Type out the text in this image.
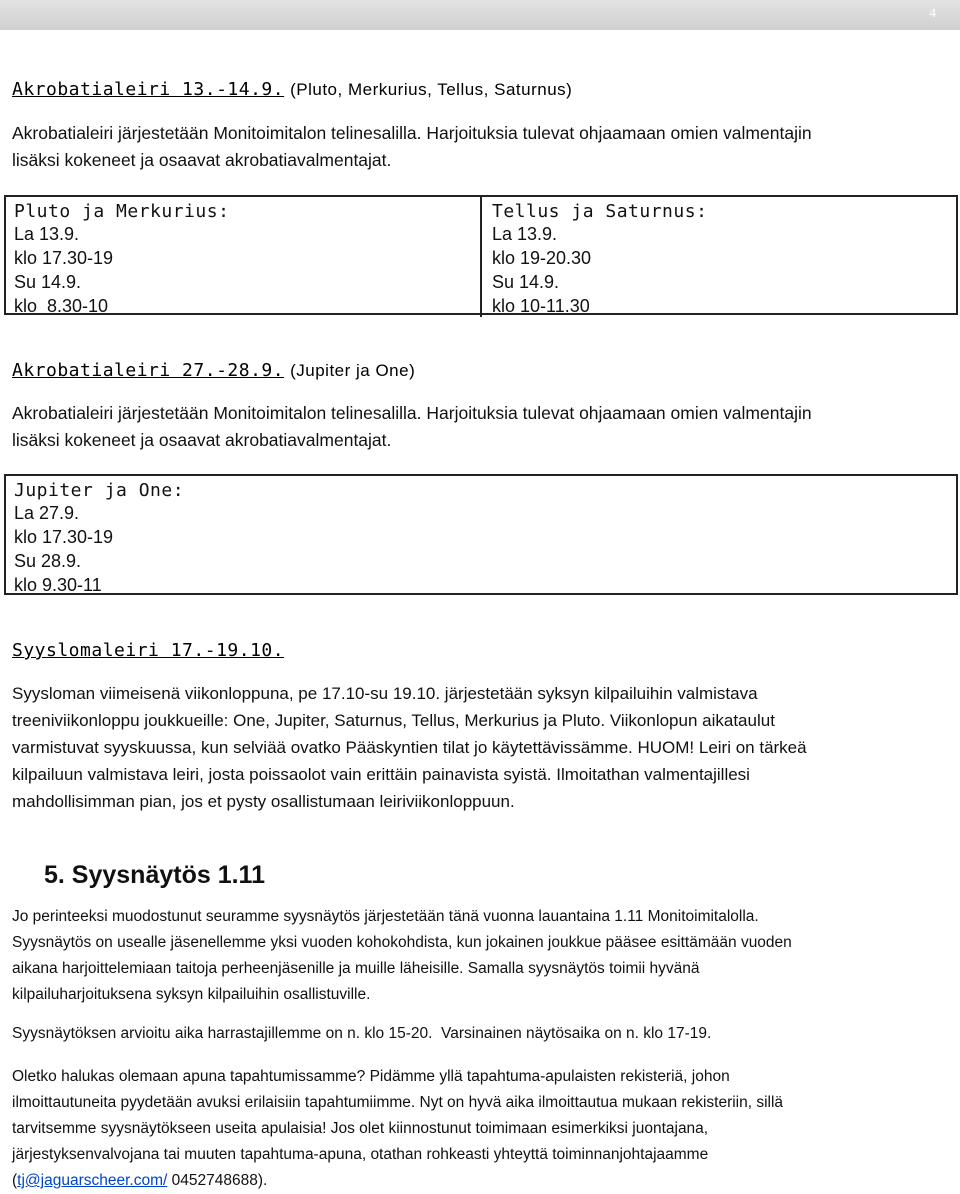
4
Akrobatialeiri 13.-14.9. (Pluto, Merkurius, Tellus, Saturnus)
Akrobatialeiri järjestetään Monitoimitalon telinesalilla. Harjoituksia tulevat ohjaamaan omien valmentajin
lisäksi kokeneet ja osaavat akrobatiavalmentajat.
Pluto ja Merkurius:
La 13.9.
klo 17.30-19
Su 14.9.
klo  8.30-10
Tellus ja Saturnus:
La 13.9.
klo 19-20.30
Su 14.9.
klo 10-11.30
Akrobatialeiri 27.-28.9. (Jupiter ja One)
Akrobatialeiri järjestetään Monitoimitalon telinesalilla. Harjoituksia tulevat ohjaamaan omien valmentajin
lisäksi kokeneet ja osaavat akrobatiavalmentajat.
Jupiter ja One:
La 27.9.
klo 17.30-19
Su 28.9.
klo 9.30-11
Syyslomaleiri 17.-19.10.
Syysloman viimeisenä viikonloppuna, pe 17.10-su 19.10. järjestetään syksyn kilpailuihin valmistava
treeniviikonloppu joukkueille: One, Jupiter, Saturnus, Tellus, Merkurius ja Pluto. Viikonlopun aikataulut
varmistuvat syyskuussa, kun selviää ovatko Pääskyntien tilat jo käytettävissämme. HUOM! Leiri on tärkeä
kilpailuun valmistava leiri, josta poissaolot vain erittäin painavista syistä. Ilmoitathan valmentajillesi
mahdollisimman pian, jos et pysty osallistumaan leiriviikonloppuun.
5. Syysnäytös 1.11
Jo perinteeksi muodostunut seuramme syysnäytös järjestetään tänä vuonna lauantaina 1.11 Monitoimitalolla.
Syysnäytös on usealle jäsenellemme yksi vuoden kohokohdista, kun jokainen joukkue pääsee esittämään vuoden
aikana harjoittelemiaan taitoja perheenjäsenille ja muille läheisille. Samalla syysnäytös toimii hyvänä
kilpailuharjoituksena syksyn kilpailuihin osallistuville.
Syysnäytöksen arvioitu aika harrastajillemme on n. klo 15-20.  Varsinainen näytösaika on n. klo 17-19.
Oletko halukas olemaan apuna tapahtumissamme? Pidämme yllä tapahtuma-apulaisten rekisteriä, johon
ilmoittautuneita pyydetään avuksi erilaisiin tapahtumiimme. Nyt on hyvä aika ilmoittautua mukaan rekisteriin, sillä
tarvitsemme syysnäytökseen useita apulaisia! Jos olet kiinnostunut toimimaan esimerkiksi juontajana,
järjestyksenvalvojana tai muuten tapahtuma-apuna, otathan rohkeasti yhteyttä toiminnanjohtajaamme
(tj@jaguarscheer.com/ 0452748688).
